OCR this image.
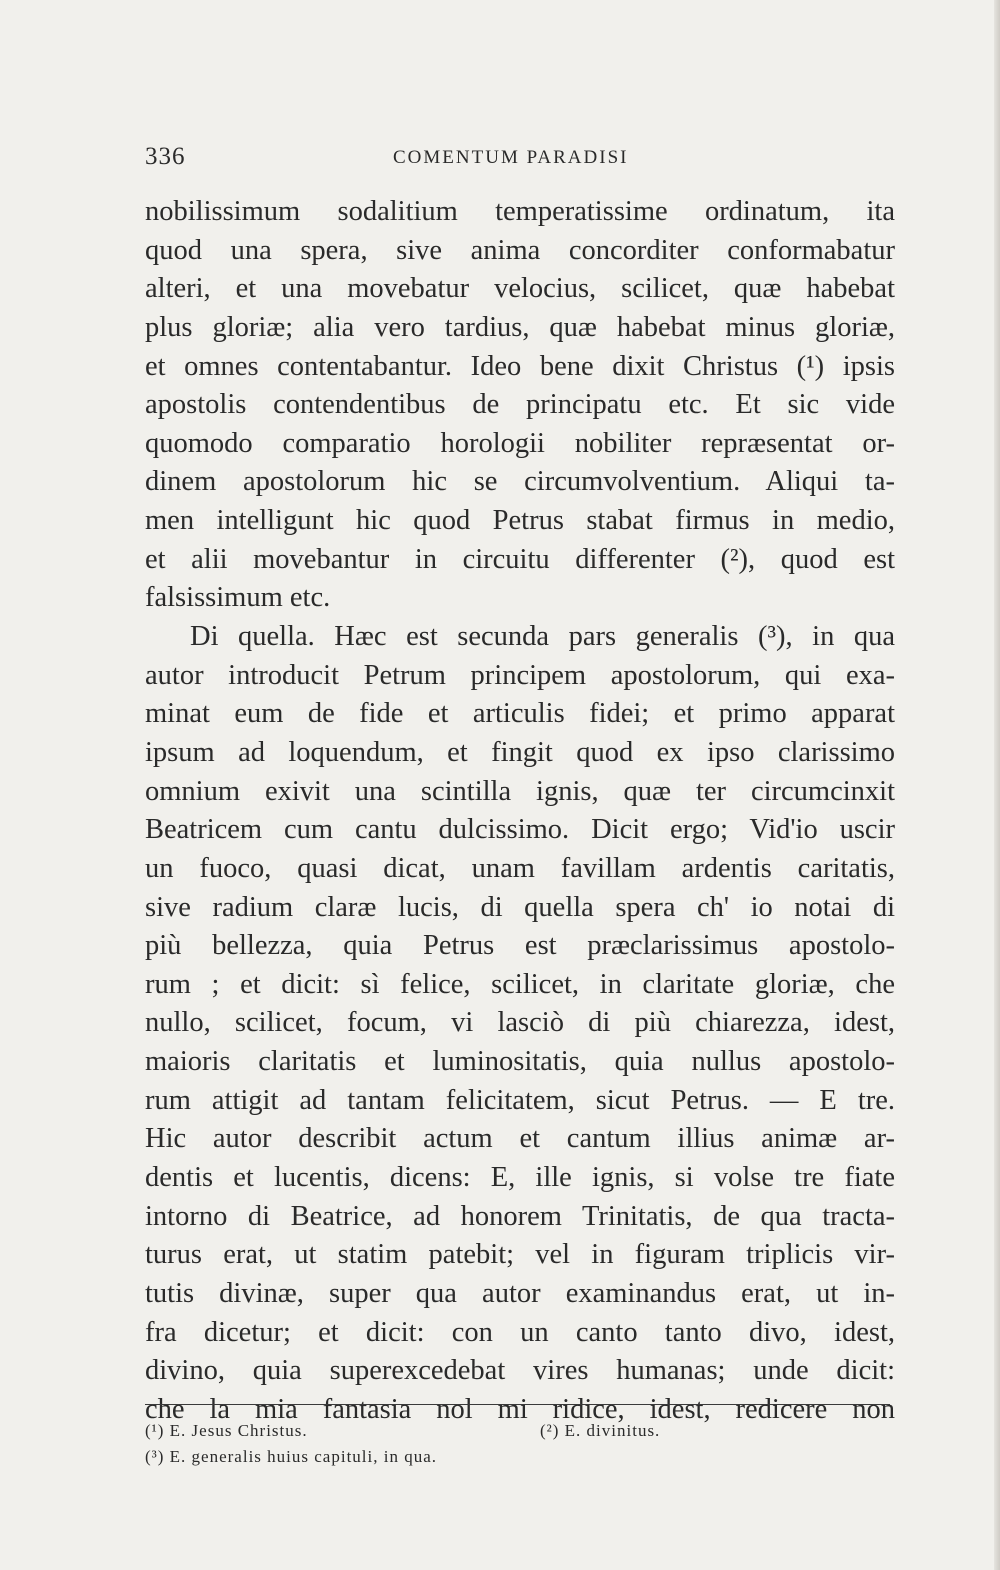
336	COMENTUM PARADISI
nobilissimum sodalitium temperatissime ordinatum, ita
quod una spera, sive anima concorditer conformabatur
alteri, et una movebatur velocius, scilicet, quæ habebat
plus gloriæ; alia vero tardius, quæ habebat minus gloriæ,
et omnes contentabantur. Ideo bene dixit Christus (¹) ipsis
apostolis contendentibus de principatu etc. Et sic vide
quomodo comparatio horologii nobiliter repræsentat or-
dinem apostolorum hic se circumvolventium. Aliqui ta-
men intelligunt hic quod Petrus stabat firmus in medio,
et alii movebantur in circuitu differenter (²), quod est
falsissimum etc.
Di quella. Hæc est secunda pars generalis (³), in qua
autor introducit Petrum principem apostolorum, qui exa-
minat eum de fide et articulis fidei; et primo apparat
ipsum ad loquendum, et fingit quod ex ipso clarissimo
omnium exivit una scintilla ignis, quæ ter circumcinxit
Beatricem cum cantu dulcissimo. Dicit ergo; Vid'io uscir
un fuoco, quasi dicat, unam favillam ardentis caritatis,
sive radium claræ lucis, di quella spera ch' io notai di
più bellezza, quia Petrus est præclarissimus apostolo-
rum ; et dicit: sì felice, scilicet, in claritate gloriæ, che
nullo, scilicet, focum, vi lasciò di più chiarezza, idest,
maioris claritatis et luminositatis, quia nullus apostolo-
rum attigit ad tantam felicitatem, sicut Petrus. — E tre.
Hic autor describit actum et cantum illius animæ ar-
dentis et lucentis, dicens: E, ille ignis, si volse tre fiate
intorno di Beatrice, ad honorem Trinitatis, de qua tracta-
turus erat, ut statim patebit; vel in figuram triplicis vir-
tutis divinæ, super qua autor examinandus erat, ut in-
fra dicetur; et dicit: con un canto tanto divo, idest,
divino, quia superexcedebat vires humanas; unde dicit:
che la mia fantasia nol mi ridice, idest, redicere non
(¹) E. Jesus Christus.	(²) E. divinitus.
(³) E. generalis huius capituli, in qua.
